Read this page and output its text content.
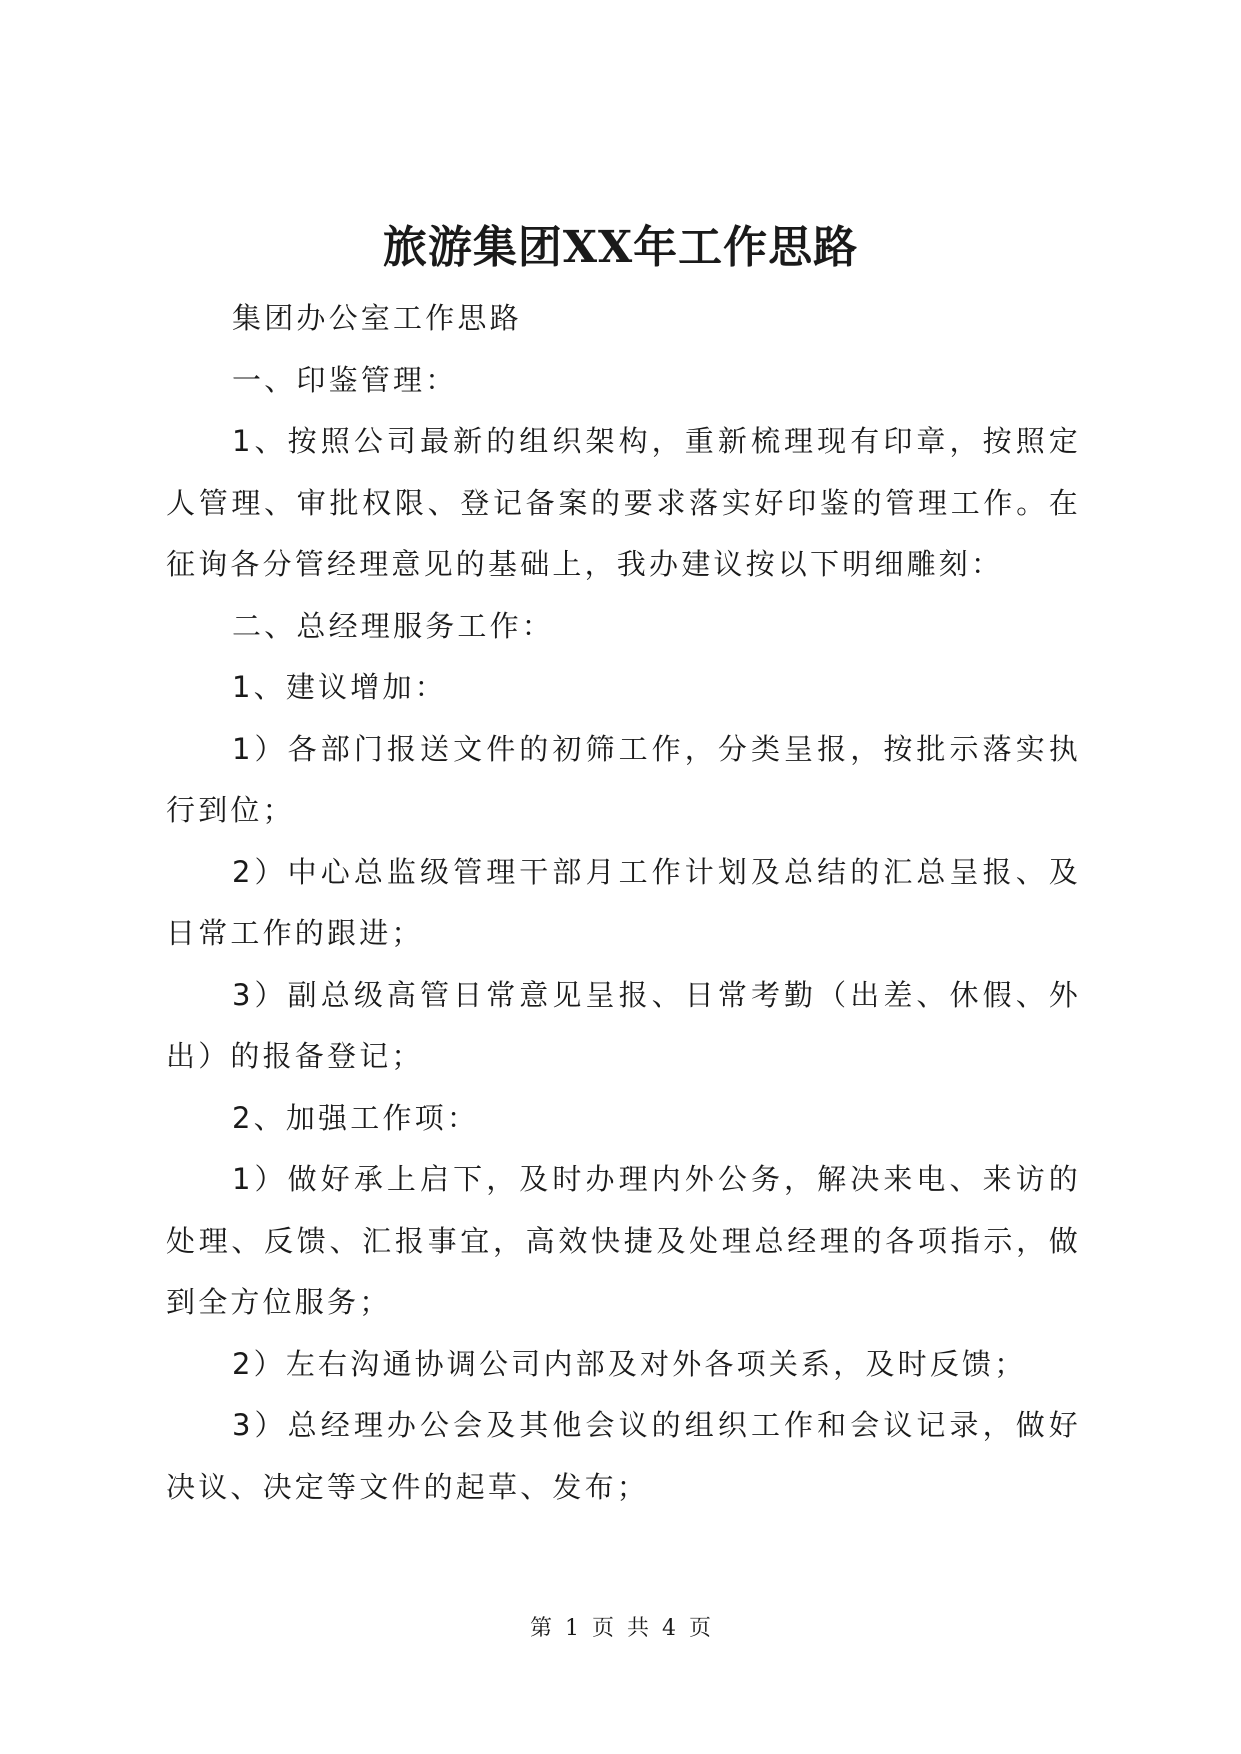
旅游集团XX年工作思路

集团办公室工作思路

一、印鉴管理：

1、按照公司最新的组织架构，重新梳理现有印章，按照定人管理、审批权限、登记备案的要求落实好印鉴的管理工作。在征询各分管经理意见的基础上，我办建议按以下明细雕刻：

二、总经理服务工作：

1、建议增加：

1）各部门报送文件的初筛工作，分类呈报，按批示落实执行到位；

2）中心总监级管理干部月工作计划及总结的汇总呈报、及日常工作的跟进；

3）副总级高管日常意见呈报、日常考勤（出差、休假、外出）的报备登记；

2、加强工作项：

1）做好承上启下，及时办理内外公务，解决来电、来访的处理、反馈、汇报事宜，高效快捷及处理总经理的各项指示，做到全方位服务；

2）左右沟通协调公司内部及对外各项关系，及时反馈；

3）总经理办公会及其他会议的组织工作和会议记录，做好决议、决定等文件的起草、发布；

第 1 页 共 4 页
